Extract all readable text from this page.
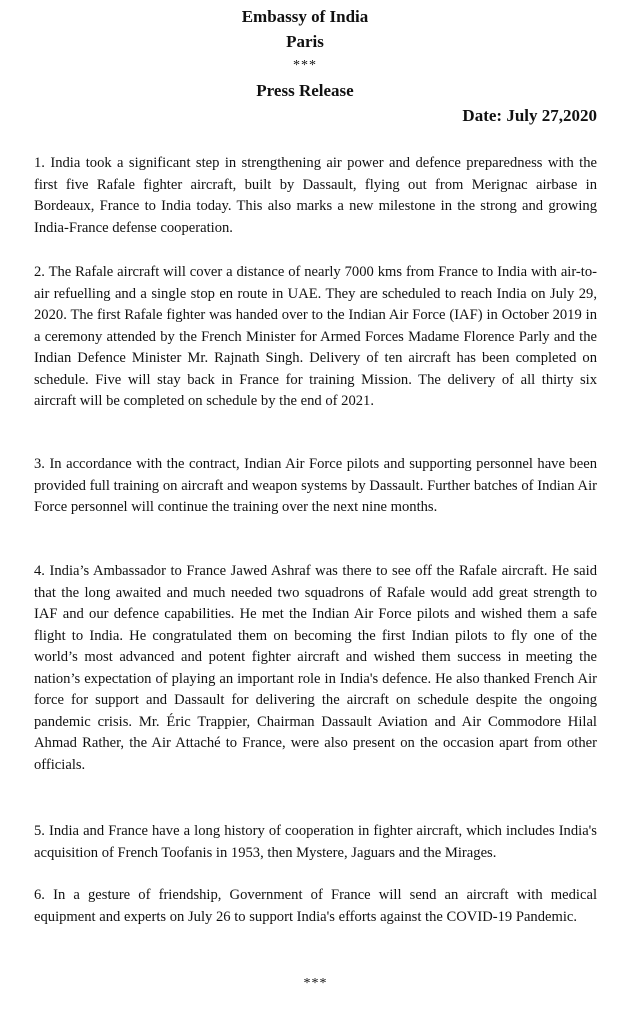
Embassy of India
Paris
***
Press Release
Date: July 27,2020

1. India took a significant step in strengthening air power and defence preparedness with the first five Rafale fighter aircraft, built by Dassault, flying out from Merignac airbase in Bordeaux, France to India today. This also marks a new milestone in the strong and growing India-France defense cooperation.

2. The Rafale aircraft will cover a distance of nearly 7000 kms from France to India with air-to-air refuelling and a single stop en route in UAE. They are scheduled to reach India on July 29, 2020. The first Rafale fighter was handed over to the Indian Air Force (IAF) in October 2019 in a ceremony attended by the French Minister for Armed Forces Madame Florence Parly and the Indian Defence Minister Mr. Rajnath Singh. Delivery of ten aircraft has been completed on schedule. Five will stay back in France for training Mission. The delivery of all thirty six aircraft will be completed on schedule by the end of 2021.

3. In accordance with the contract, Indian Air Force pilots and supporting personnel have been provided full training on aircraft and weapon systems by Dassault. Further batches of Indian Air Force personnel will continue the training over the next nine months.

4. India’s Ambassador to France Jawed Ashraf was there to see off the Rafale aircraft. He said that the long awaited and much needed two squadrons of Rafale would add great strength to IAF and our defence capabilities. He met the Indian Air Force pilots and wished them a safe flight to India. He congratulated them on becoming the first Indian pilots to fly one of the world’s most advanced and potent fighter aircraft and wished them success in meeting the nation’s expectation of playing an important role in India's defence. He also thanked French Air force for support and Dassault for delivering the aircraft on schedule despite the ongoing pandemic crisis. Mr. Éric Trappier, Chairman Dassault Aviation and Air Commodore Hilal Ahmad Rather, the Air Attaché to France, were also present on the occasion apart from other officials.

5. India and France have a long history of cooperation in fighter aircraft, which includes India's acquisition of French Toofanis in 1953, then Mystere, Jaguars and the Mirages.

6. In a gesture of friendship, Government of France will send an aircraft with medical equipment and experts on July 26 to support India's efforts against the COVID-19 Pandemic.

***
